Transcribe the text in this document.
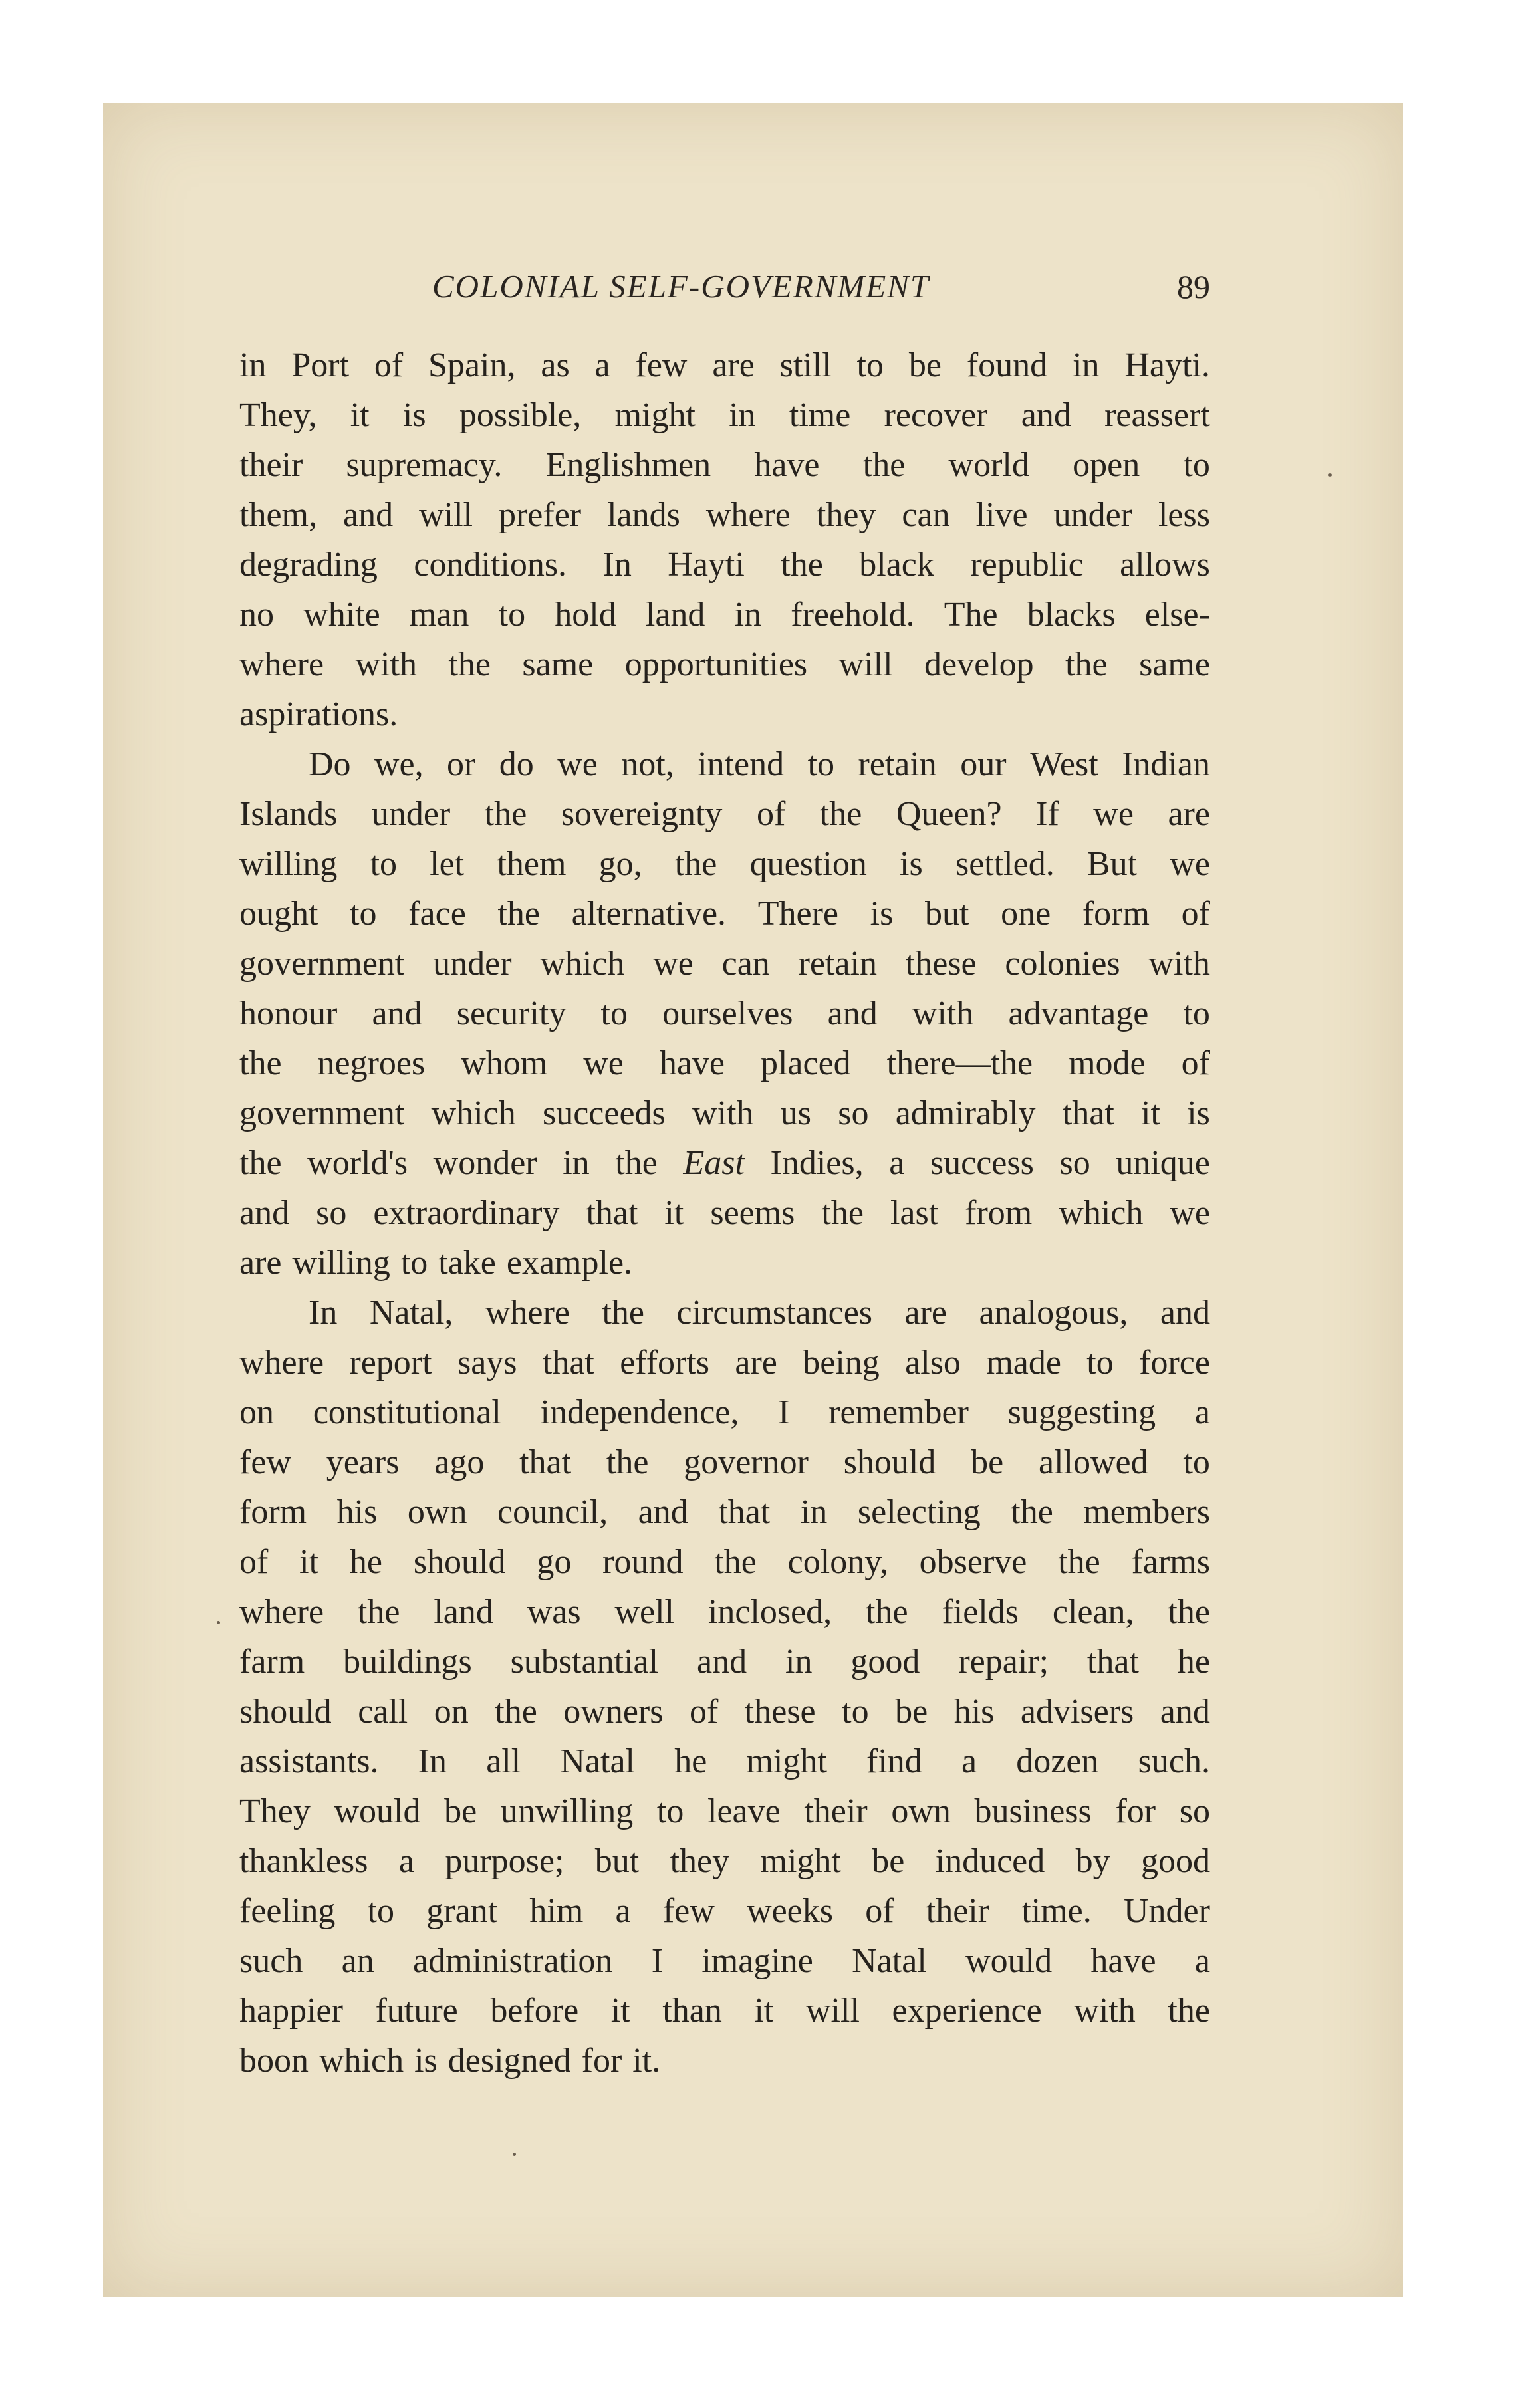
COLONIAL SELF-GOVERNMENT	89
in Port of Spain, as a few are still to be found in Hayti.
They, it is possible, might in time recover and reassert
their supremacy. Englishmen have the world open to
them, and will prefer lands where they can live under less
degrading conditions. In Hayti the black republic allows
no white man to hold land in freehold. The blacks else-
where with the same opportunities will develop the same
aspirations.
Do we, or do we not, intend to retain our West Indian
Islands under the sovereignty of the Queen? If we are
willing to let them go, the question is settled. But we
ought to face the alternative. There is but one form of
government under which we can retain these colonies with
honour and security to ourselves and with advantage to
the negroes whom we have placed there—the mode of
government which succeeds with us so admirably that it is
the world's wonder in the East Indies, a success so unique
and so extraordinary that it seems the last from which we
are willing to take example.
In Natal, where the circumstances are analogous, and
where report says that efforts are being also made to force
on constitutional independence, I remember suggesting a
few years ago that the governor should be allowed to
form his own council, and that in selecting the members
of it he should go round the colony, observe the farms
where the land was well inclosed, the fields clean, the
farm buildings substantial and in good repair; that he
should call on the owners of these to be his advisers and
assistants. In all Natal he might find a dozen such.
They would be unwilling to leave their own business for so
thankless a purpose; but they might be induced by good
feeling to grant him a few weeks of their time. Under
such an administration I imagine Natal would have a
happier future before it than it will experience with the
boon which is designed for it.
